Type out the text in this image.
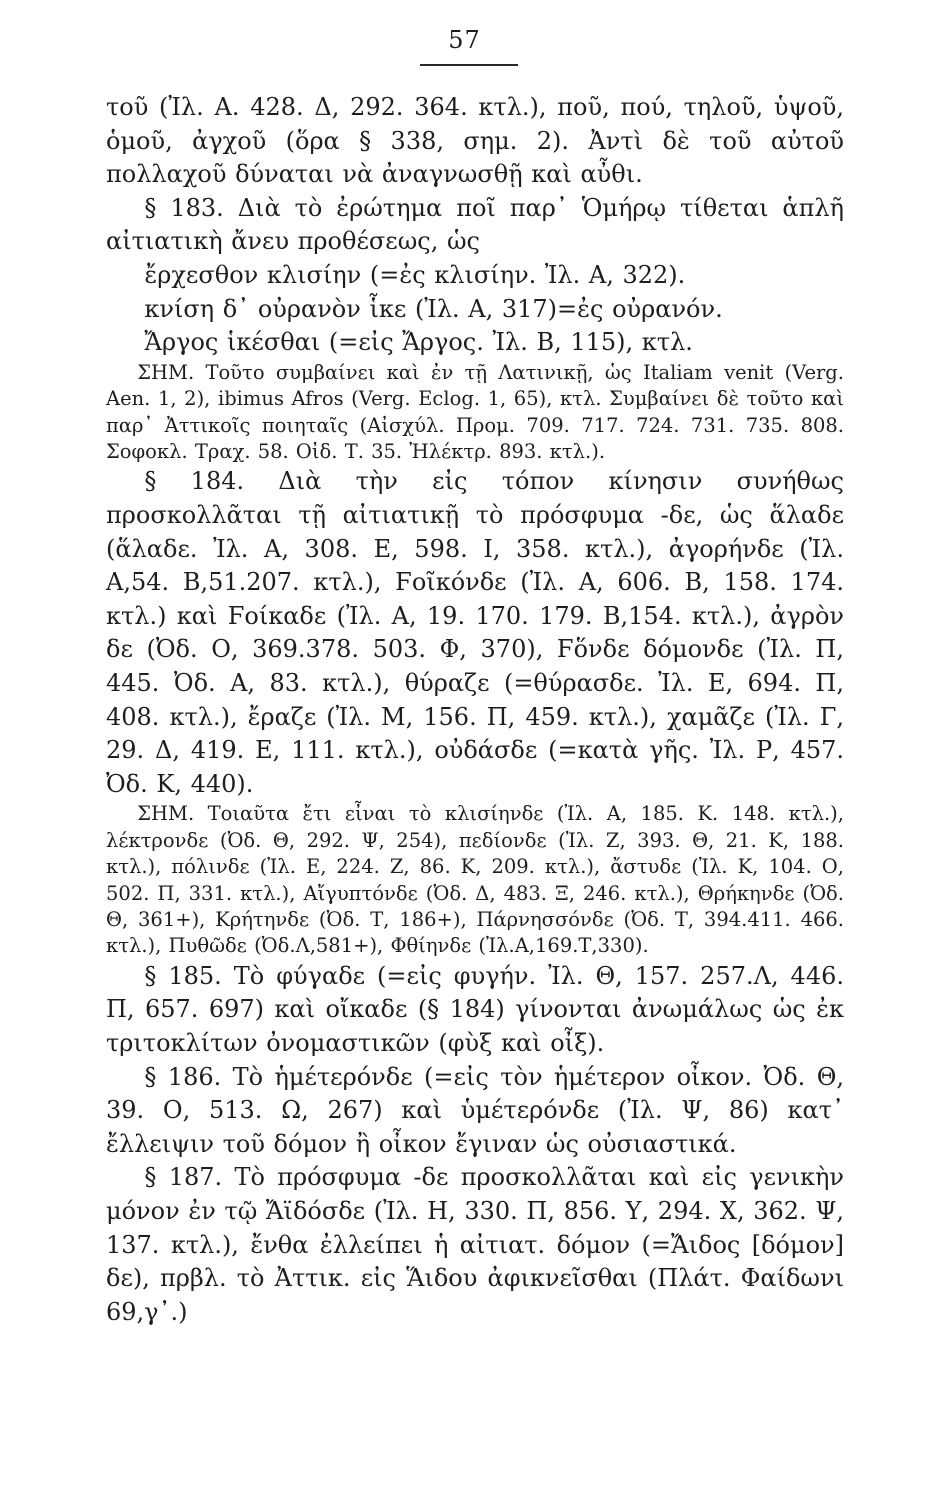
57

τοῦ (Ἰλ. Α. 428. Δ, 292. 364. κτλ.), ποῦ, πού, τηλοῦ, ὑψοῦ, ὁμοῦ, ἀγχοῦ (ὅρα § 338, σημ. 2). Ἀντὶ δὲ τοῦ αὐτοῦ πολλαχοῦ δύναται νὰ ἀναγνωσθῇ καὶ αὖθι.

§ 183. Διὰ τὸ ἐρώτημα ποῖ παρ᾽ Ὁμήρῳ τίθεται ἁπλῆ αἰτιατικὴ ἄνευ προθέσεως, ὡς

ἔρχεσθον κλισίην (=ἐς κλισίην. Ἰλ. Α, 322).

κνίση δ᾽ οὐρανὸν ἷκε (Ἰλ. Α, 317)=ἐς οὐρανόν.

Ἄργος ἱκέσθαι (=εἰς Ἄργος. Ἰλ. Β, 115), κτλ.

ΣΗΜ. Τοῦτο συμβαίνει καὶ ἐν τῇ Λατινικῇ, ὡς Italiam venit (Verg. Aen. 1, 2), ibimus Afros (Verg. Eclog. 1, 65), κτλ. Συμβαίνει δὲ τοῦτο καὶ παρ᾽ Ἀττικοῖς ποιηταῖς (Αἰσχύλ. Προμ. 709. 717. 724. 731. 735. 808. Σοφοκλ. Τραχ. 58. Οἰδ. Τ. 35. Ἠλέκτρ. 893. κτλ.).

§ 184. Διὰ τὴν εἰς τόπον κίνησιν συνήθως προσκολλᾶται τῇ αἰτιατικῇ τὸ πρόσφυμα -δε, ὡς ἅλαδε (ἅλαδε. Ἰλ. Α, 308. Ε, 598. Ι, 358. κτλ.), ἀγορήνδε (Ἰλ. Α,54. Β,51.207. κτλ.), Ϝοῖκόνδε (Ἰλ. Α, 606. Β, 158. 174. κτλ.) καὶ Ϝοίκαδε (Ἰλ. Α, 19. 170. 179. Β,154. κτλ.), ἀγρὸν δε (Ὀδ. Ο, 369.378. 503. Φ, 370), Ϝὅνδε δόμονδε (Ἰλ. Π, 445. Ὀδ. Α, 83. κτλ.), θύραζε (=θύρασδε. Ἰλ. Ε, 694. Π, 408. κτλ.), ἔραζε (Ἰλ. Μ, 156. Π, 459. κτλ.), χαμᾶζε (Ἰλ. Γ, 29. Δ, 419. Ε, 111. κτλ.), οὐδάσδε (=κατὰ γῆς. Ἰλ. Ρ, 457. Ὀδ. Κ, 440).

ΣΗΜ. Τοιαῦτα ἔτι εἶναι τὸ κλισίηνδε (Ἰλ. Α, 185. Κ. 148. κτλ.), λέκτρονδε (Ὀδ. Θ, 292. Ψ, 254), πεδίονδε (Ἰλ. Ζ, 393. Θ, 21. Κ, 188. κτλ.), πόλινδε (Ἰλ. Ε, 224. Ζ, 86. Κ, 209. κτλ.), ἄστυδε (Ἰλ. Κ, 104. Ο, 502. Π, 331. κτλ.), Αἴγυπτόνδε (Ὀδ. Δ, 483. Ξ, 246. κτλ.), Θρήκηνδε (Ὀδ. Θ, 361+), Κρήτηνδε (Ὀδ. Τ, 186+), Πάρνησσόνδε (Ὀδ. Τ, 394.411. 466. κτλ.), Πυθῶδε (Ὀδ.Λ,581+), Φθίηνδε (Ἰλ.Α,169.Τ,330).

§ 185. Τὸ φύγαδε (=εἰς φυγήν. Ἰλ. Θ, 157. 257.Λ, 446. Π, 657. 697) καὶ οἴκαδε (§ 184) γίνονται ἀνωμάλως ὡς ἐκ τριτοκλίτων ὀνομαστικῶν (φὺξ καὶ οἶξ).

§ 186. Τὸ ἡμέτερόνδε (=εἰς τὸν ἡμέτερον οἶκον. Ὀδ. Θ, 39. Ο, 513. Ω, 267) καὶ ὑμέτερόνδε (Ἰλ. Ψ, 86) κατ᾽ ἔλλειψιν τοῦ δόμον ἢ οἶκον ἔγιναν ὡς οὐσιαστικά.

§ 187. Τὸ πρόσφυμα -δε προσκολλᾶται καὶ εἰς γενικὴν μόνον ἐν τῷ Ἄϊδόσδε (Ἰλ. Η, 330. Π, 856. Υ, 294. Χ, 362. Ψ, 137. κτλ.), ἔνθα ἐλλείπει ἡ αἰτιατ. δόμον (=Ἄιδος [δόμον] δε), πρβλ. τὸ Ἀττικ. εἰς Ἅιδου ἀφικνεῖσθαι (Πλάτ. Φαίδωνι 69,γ᾽.)
